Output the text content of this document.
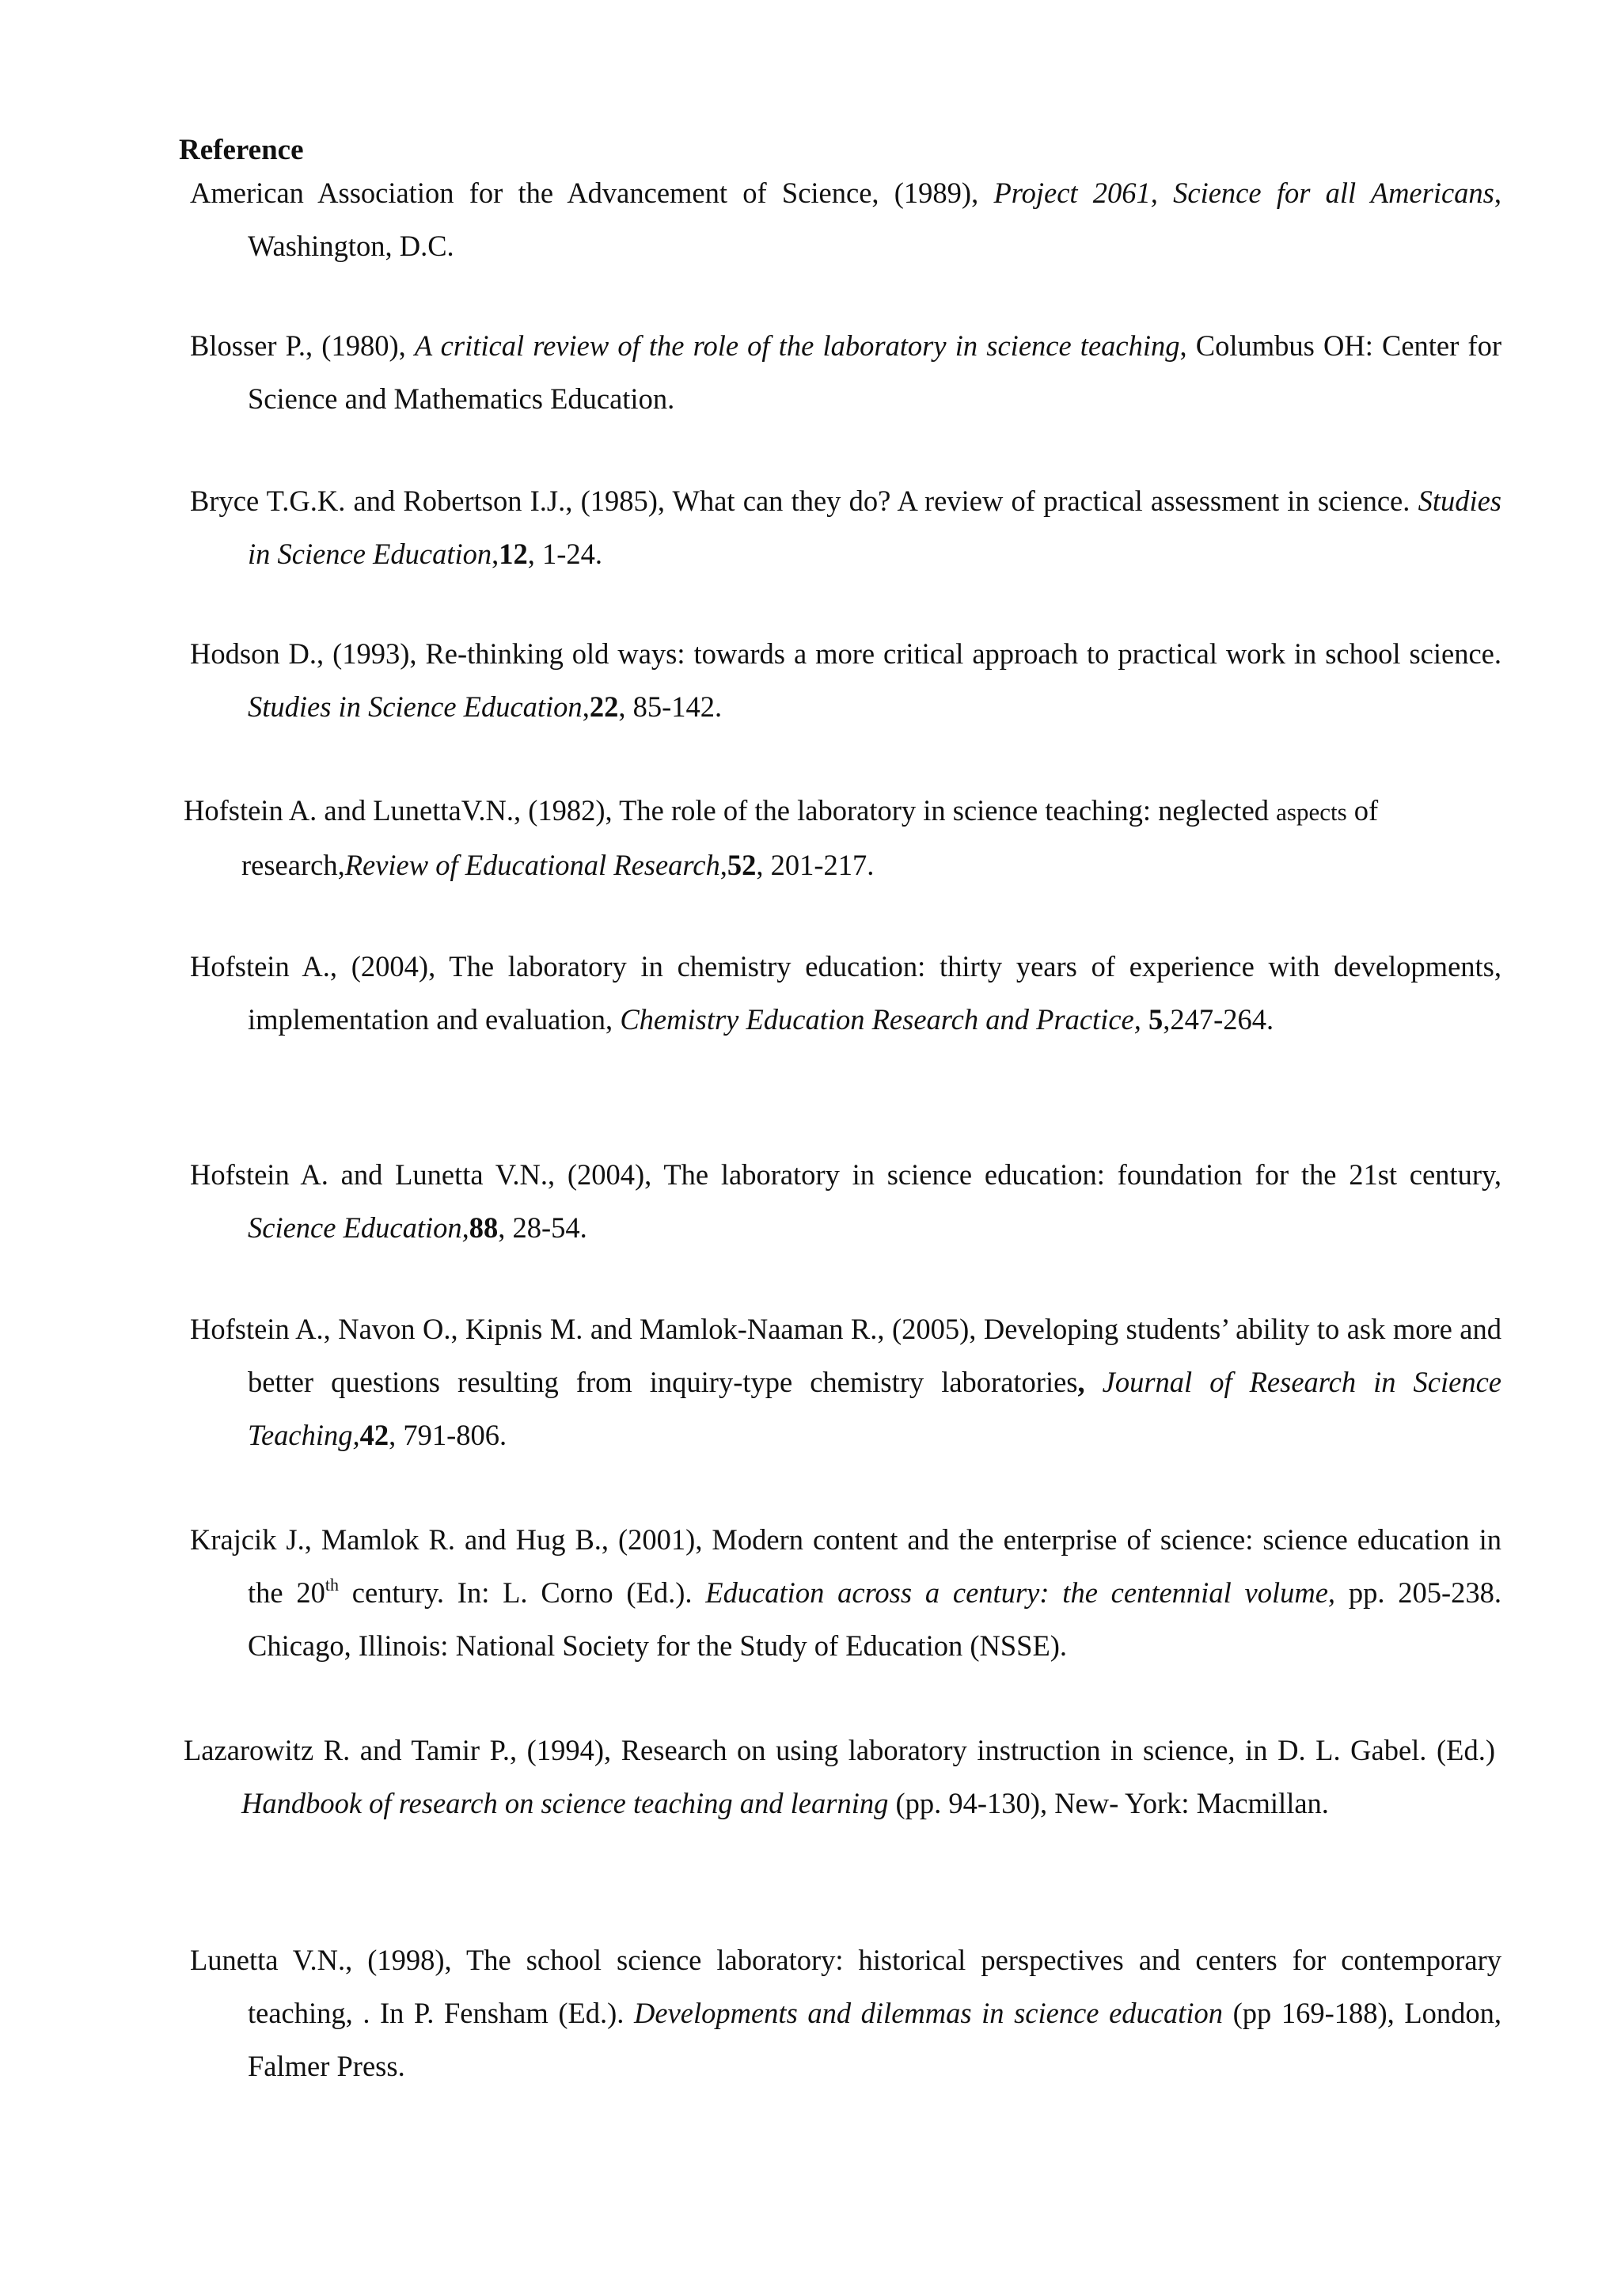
Reference

American Association for the Advancement of Science, (1989), Project 2061, Science for all Americans, Washington, D.C.

Blosser P., (1980), A critical review of the role of the laboratory in science teaching, Columbus OH: Center for Science and Mathematics Education.

Bryce T.G.K. and Robertson I.J., (1985), What can they do? A review of practical assessment in science. Studies in Science Education,12, 1-24.

Hodson D., (1993), Re-thinking old ways: towards a more critical approach to practical work in school science. Studies in Science Education,22, 85-142.

Hofstein A. and LunettaV.N., (1982), The role of the laboratory in science teaching: neglected aspects of research,Review of Educational Research,52, 201-217.

Hofstein A., (2004), The laboratory in chemistry education: thirty years of experience with developments, implementation and evaluation, Chemistry Education Research and Practice, 5,247-264.

Hofstein A. and Lunetta V.N., (2004), The laboratory in science education: foundation for the 21st century, Science Education,88, 28-54.

Hofstein A., Navon O., Kipnis M. and Mamlok-Naaman R., (2005), Developing students’ ability to ask more and better questions resulting from inquiry-type chemistry laboratories, Journal of Research in Science Teaching,42, 791-806.

Krajcik J., Mamlok R. and Hug B., (2001), Modern content and the enterprise of science: science education in the 20th century. In: L. Corno (Ed.). Education across a century: the centennial volume, pp. 205-238. Chicago, Illinois: National Society for the Study of Education (NSSE).

Lazarowitz R. and Tamir P., (1994), Research on using laboratory instruction in science, in D. L. Gabel. (Ed.) Handbook of research on science teaching and learning (pp. 94-130), New- York: Macmillan.

Lunetta V.N., (1998), The school science laboratory: historical perspectives and centers for contemporary teaching, . In P. Fensham (Ed.). Developments and dilemmas in science education (pp 169-188), London, Falmer Press.
